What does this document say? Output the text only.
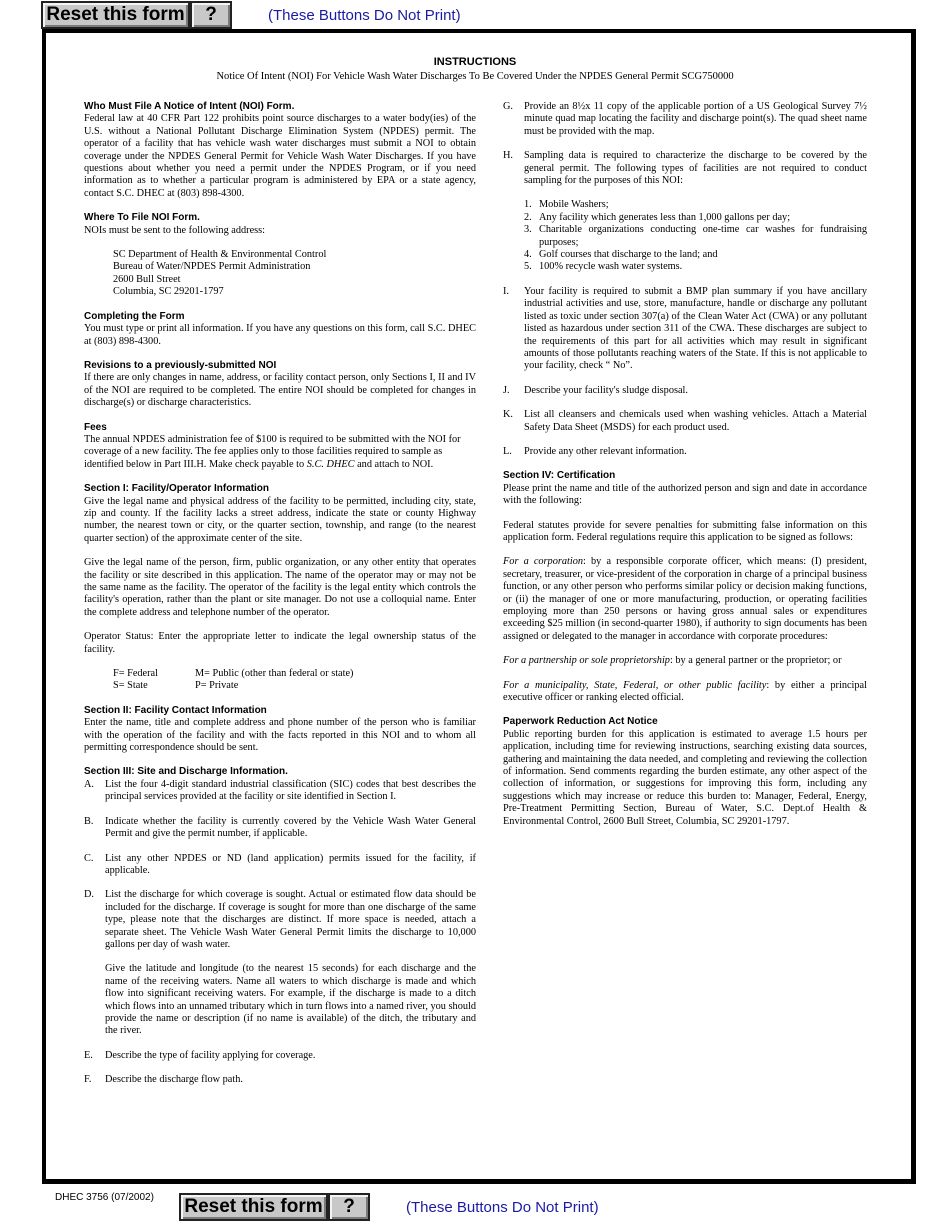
Reset this form	?	(These Buttons Do Not Print)
INSTRUCTIONS
Notice Of Intent (NOI) For Vehicle Wash Water Discharges To Be Covered Under the NPDES General Permit SCG750000

Who Must File A Notice of Intent (NOI) Form.
Federal law at 40 CFR Part 122 prohibits point source discharges to a water body(ies) of the U.S. without a National Pollutant Discharge Elimination System (NPDES) permit. The operator of a facility that has vehicle wash water discharges must submit a NOI to obtain coverage under the NPDES General Permit for Vehicle Wash Water Discharges. If you have questions about whether you need a permit under the NPDES Program, or if you need information as to whether a particular program is administered by EPA or a state agency, contact S.C. DHEC at (803) 898-4300.

Where To File NOI Form.
NOIs must be sent to the following address:

SC Department of Health & Environmental Control
Bureau of Water/NPDES Permit Administration
2600 Bull Street
Columbia, SC 29201-1797

Completing the Form
You must type or print all information. If you have any questions on this form, call S.C. DHEC at (803) 898-4300.

Revisions to a previously-submitted NOI
If there are only changes in name, address, or facility contact person, only Sections I, II and IV of the NOI are required to be completed. The entire NOI should be completed for changes in discharge(s) or discharge characteristics.

Fees
The annual NPDES administration fee of $100 is required to be submitted with the NOI for coverage of a new facility. The fee applies only to those facilities required to sample as identified below in Part III.H. Make check payable to S.C. DHEC and attach to NOI.

Section I: Facility/Operator Information
Give the legal name and physical address of the facility to be permitted, including city, state, zip and county. If the facility lacks a street address, indicate the state or county Highway number, the nearest town or city, or the quarter section, township, and range (to the nearest quarter section) of the approximate center of the site.

Give the legal name of the person, firm, public organization, or any other entity that operates the facility or site described in this application. The name of the operator may or may not be the same name as the facility. The operator of the facility is the legal entity which controls the facility's operation, rather than the plant or site manager. Do not use a colloquial name. Enter the complete address and telephone number of the operator.

Operator Status: Enter the appropriate letter to indicate the legal ownership status of the facility.

F= Federal	M= Public (other than federal or state)
S= State	P= Private

Section II: Facility Contact Information
Enter the name, title and complete address and phone number of the person who is familiar with the operation of the facility and with the facts reported in this NOI and to whom all permitting correspondence should be sent.

Section III: Site and Discharge Information.
A.	List the four 4-digit standard industrial classification (SIC) codes that best describes the principal services provided at the facility or site identified in Section I.
B.	Indicate whether the facility is currently covered by the Vehicle Wash Water General Permit and give the permit number, if applicable.
C.	List any other NPDES or ND (land application) permits issued for the facility, if applicable.
D.	List the discharge for which coverage is sought. Actual or estimated flow data should be included for the discharge. If coverage is sought for more than one discharge of the same type, please note that the discharges are distinct. If more space is needed, attach a separate sheet. The Vehicle Wash Water General Permit limits the discharge to 10,000 gallons per day of wash water.
Give the latitude and longitude (to the nearest 15 seconds) for each discharge and the name of the receiving waters. Name all waters to which discharge is made and which flow into significant receiving waters. For example, if the discharge is made to a ditch which flows into an unnamed tributary which in turn flows into a named river, you should provide the name or description (if no name is available) of the ditch, the tributary and the river.
E.	Describe the type of facility applying for coverage.
F.	Describe the discharge flow path.
G.	Provide an 8½x 11 copy of the applicable portion of a US Geological Survey 7½ minute quad map locating the facility and discharge point(s). The quad sheet name must be provided with the map.
H.	Sampling data is required to characterize the discharge to be covered by the general permit. The following types of facilities are not required to conduct sampling for the purposes of this NOI:
1. Mobile Washers;
2. Any facility which generates less than 1,000 gallons per day;
3. Charitable organizations conducting one-time car washes for fundraising purposes;
4. Golf courses that discharge to the land; and
5. 100% recycle wash water systems.
I.	Your facility is required to submit a BMP plan summary if you have ancillary industrial activities and use, store, manufacture, handle or discharge any pollutant listed as toxic under section 307(a) of the Clean Water Act (CWA) or any pollutant listed as hazardous under section 311 of the CWA. These discharges are subject to the requirements of this part for all activities which may result in significant amounts of those pollutants reaching waters of the State. If this is not applicable to your facility, check “ No”.
J.	Describe your facility's sludge disposal.
K.	List all cleansers and chemicals used when washing vehicles. Attach a Material Safety Data Sheet (MSDS) for each product used.
L.	Provide any other relevant information.

Section IV: Certification
Please print the name and title of the authorized person and sign and date in accordance with the following:

Federal statutes provide for severe penalties for submitting false information on this application form. Federal regulations require this application to be signed as follows:

For a corporation: by a responsible corporate officer, which means: (I) president, secretary, treasurer, or vice-president of the corporation in charge of a principal business function, or any other person who performs similar policy or decision making functions, or (ii) the manager of one or more manufacturing, production, or operating facilities employing more than 250 persons or having gross annual sales or expenditures exceeding $25 million (in second-quarter 1980), if authority to sign documents has been assigned or delegated to the manager in accordance with corporate procedures:

For a partnership or sole proprietorship: by a general partner or the proprietor; or

For a municipality, State, Federal, or other public facility: by either a principal executive officer or ranking elected official.

Paperwork Reduction Act Notice
Public reporting burden for this application is estimated to average 1.5 hours per application, including time for reviewing instructions, searching existing data sources, gathering and maintaining the data needed, and completing and reviewing the collection of information. Send comments regarding the burden estimate, any other aspect of the collection of information, or suggestions for improving this form, including any suggestions which may increase or reduce this burden to: Manager, Federal, Energy, Pre-Treatment Permitting Section, Bureau of Water, S.C. Dept.of Health & Environmental Control, 2600 Bull Street, Columbia, SC 29201-1797.

DHEC 3756 (07/2002) Reset this form	?	(These Buttons Do Not Print)
